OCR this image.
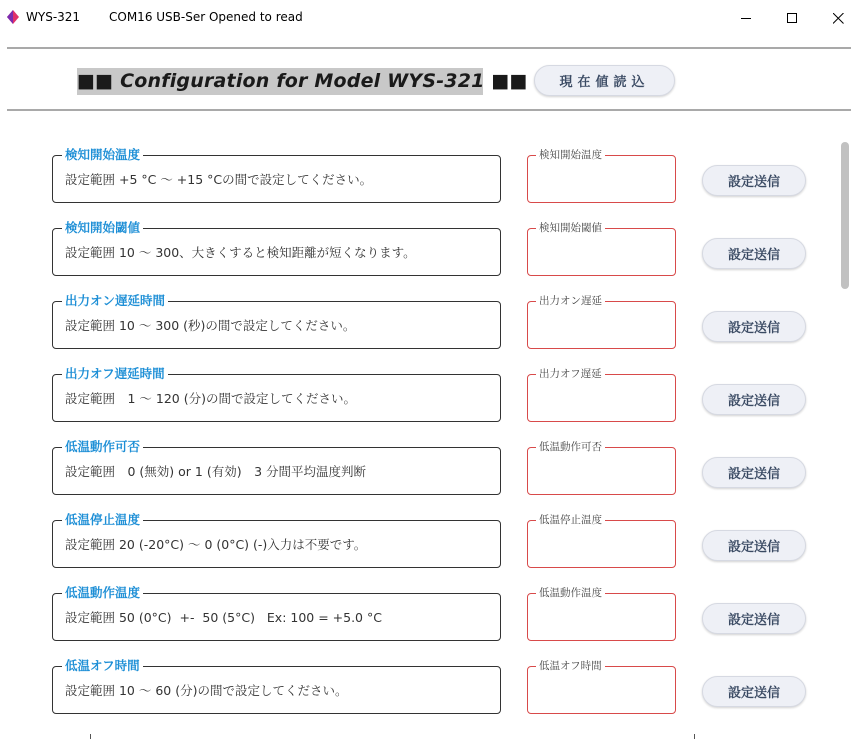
WYS-321 COM16 USB-Ser Opened to read
■■ Configuration for Model WYS-321 ■■	現在値読込
検知開始温度
設定範囲 +5 °C ～ +15 °Cの間で設定してください。
検知開始温度
設定送信
検知開始閾値
設定範囲 10 ～ 300、大きくすると検知距離が短くなります。
検知開始閾値
設定送信
出力オン遅延時間
設定範囲 10 ～ 300 (秒)の間で設定してください。
出力オン遅延
設定送信
出力オフ遅延時間
設定範囲　1 ～ 120 (分)の間で設定してください。
出力オフ遅延
設定送信
低温動作可否
設定範囲　0 (無効) or 1 (有効)　3 分間平均温度判断
低温動作可否
設定送信
低温停止温度
設定範囲 20 (-20°C) ～ 0 (0°C) (-)入力は不要です。
低温停止温度
設定送信
低温動作温度
設定範囲 50 (0°C)  +-  50 (5°C)   Ex: 100 = +5.0 °C
低温動作温度
設定送信
低温オフ時間
設定範囲 10 ～ 60 (分)の間で設定してください。
低温オフ時間
設定送信
